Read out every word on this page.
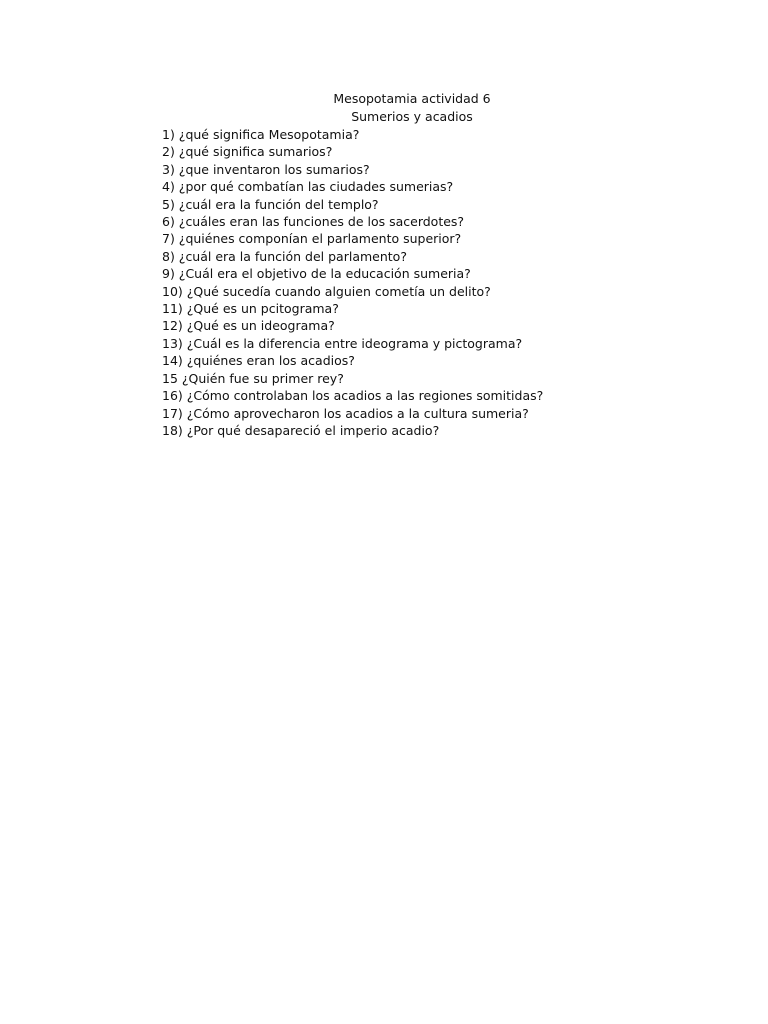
Mesopotamia actividad 6
Sumerios y acadios
1) ¿qué significa Mesopotamia?
2) ¿qué significa sumarios?
3) ¿que inventaron los sumarios?
4) ¿por qué combatían las ciudades sumerias?
5) ¿cuál era la función del templo?
6) ¿cuáles eran las funciones de los sacerdotes?
7) ¿quiénes componían el parlamento superior?
8) ¿cuál era la función del parlamento?
9) ¿Cuál era el objetivo de la educación sumeria?
10) ¿Qué sucedía cuando alguien cometía un delito?
11) ¿Qué es un pcitograma?
12) ¿Qué es un ideograma?
13) ¿Cuál es la diferencia entre ideograma y pictograma?
14) ¿quiénes eran los acadios?
15 ¿Quién fue su primer rey?
16) ¿Cómo controlaban los acadios a las regiones somitidas?
17) ¿Cómo aprovecharon los acadios a la cultura sumeria?
18) ¿Por qué desapareció el imperio acadio?
